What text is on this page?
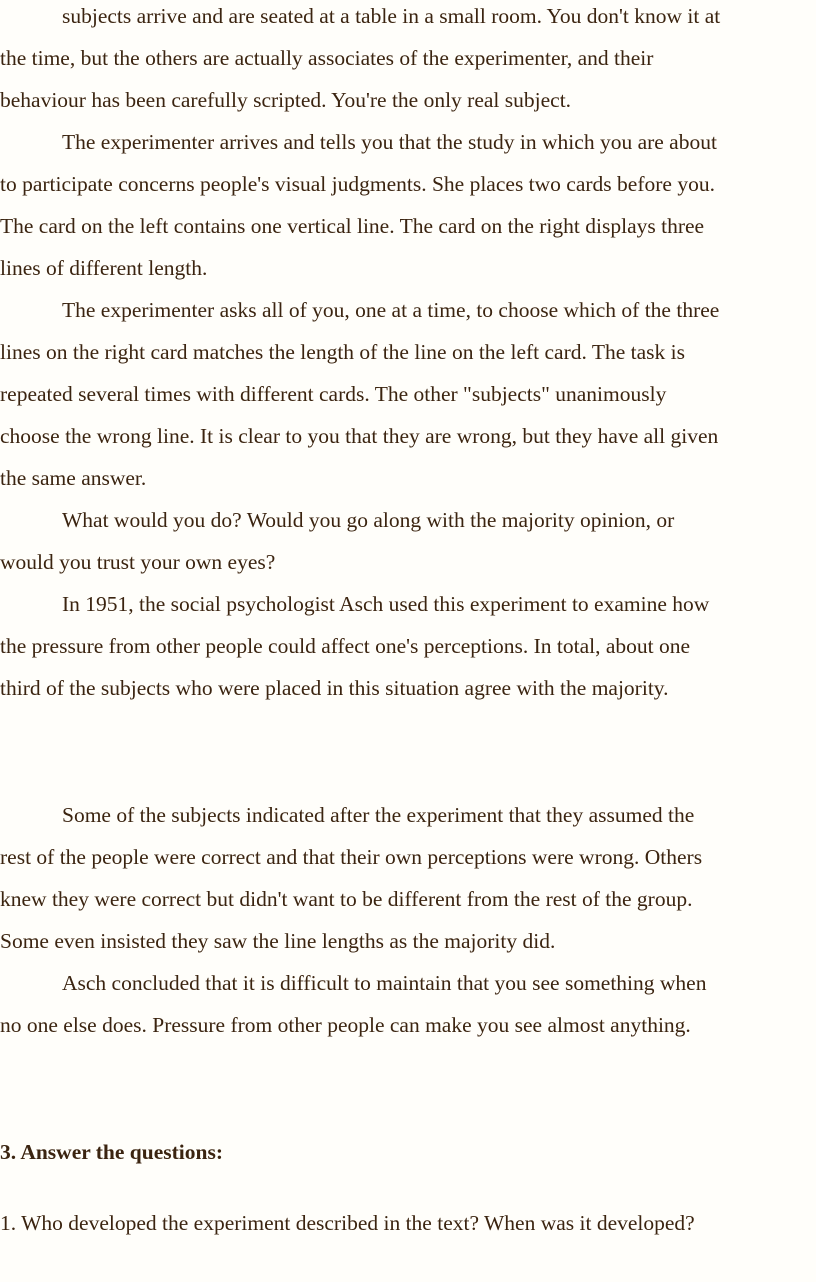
subjects arrive and are seated at a table in a small room. You don't know it at
the time, but the others are actually associates of the experimenter, and their
behaviour has been carefully scripted. You're the only real subject.
The experimenter arrives and tells you that the study in which you are about
to participate concerns people's visual judgments. She places two cards before you.
The card on the left contains one vertical line. The card on the right displays three
lines of different length.
The experimenter asks all of you, one at a time, to choose which of the three
lines on the right card matches the length of the line on the left card. The task is
repeated several times with different cards. The other "subjects" unanimously
choose the wrong line. It is clear to you that they are wrong, but they have all given
the same answer.
What would you do? Would you go along with the majority opinion, or
would you trust your own eyes?
In 1951, the social psychologist Asch used this experiment to examine how
the pressure from other people could affect one's perceptions. In total, about one
third of the subjects who were placed in this situation agree with the majority.
Some of the subjects indicated after the experiment that they assumed the
rest of the people were correct and that their own perceptions were wrong. Others
knew they were correct but didn't want to be different from the rest of the group.
Some even insisted they saw the line lengths as the majority did.
Asch concluded that it is difficult to maintain that you see something when
no one else does. Pressure from other people can make you see almost anything.
3. Answer the questions:
1. Who developed the experiment described in the text? When was it developed?
